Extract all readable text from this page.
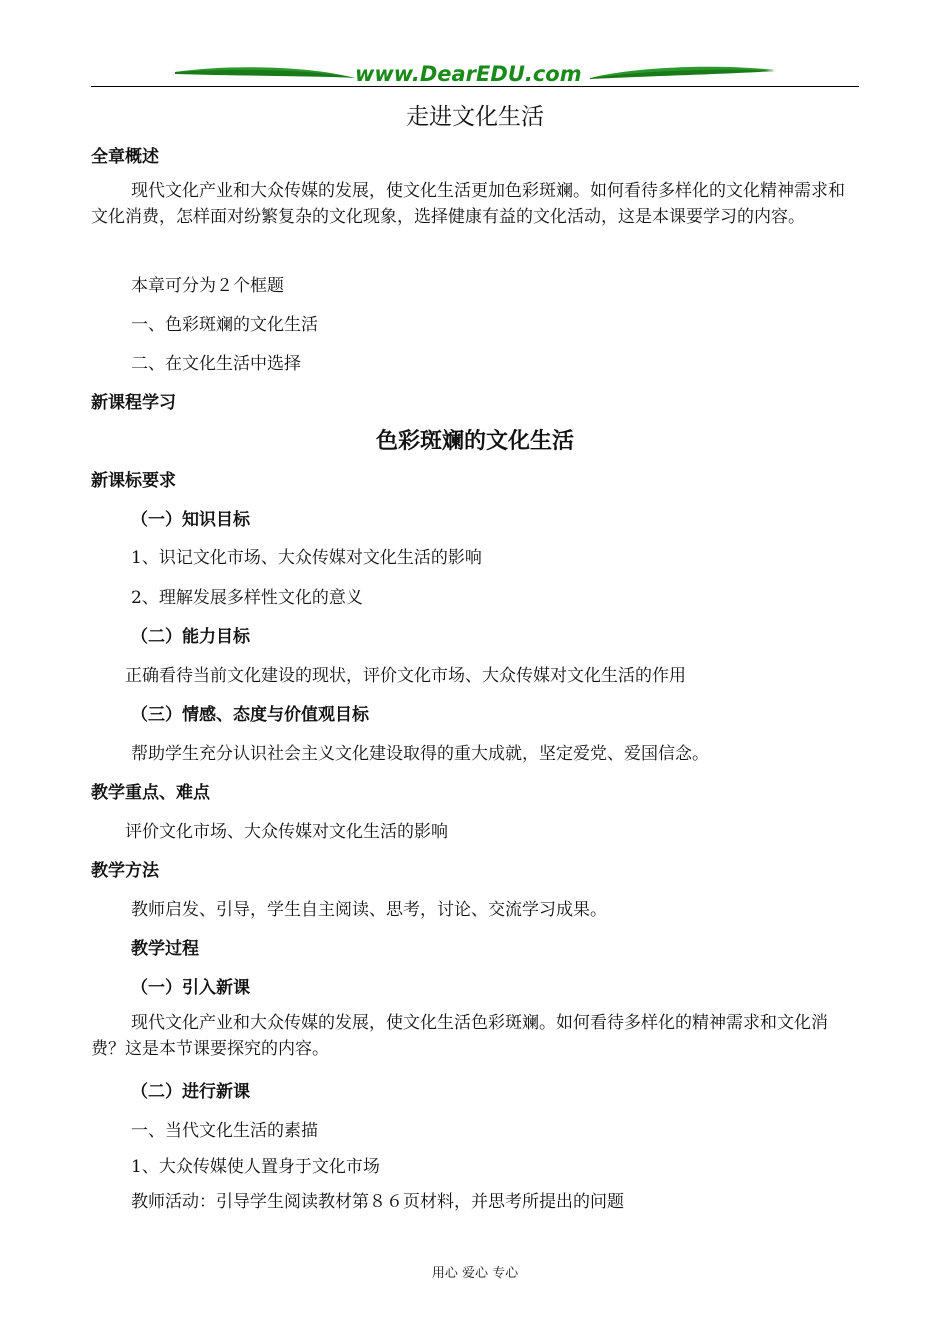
www.DearEDU.com
走进文化生活
全章概述
现代文化产业和大众传媒的发展，使文化生活更加色彩斑斓。如何看待多样化的文化精神需求和文化消费，怎样面对纷繁复杂的文化现象，选择健康有益的文化活动，这是本课要学习的内容。
本章可分为２个框题
一、色彩斑斓的文化生活
二、在文化生活中选择
新课程学习
色彩斑斓的文化生活
新课标要求
（一）知识目标
1、识记文化市场、大众传媒对文化生活的影响
2、理解发展多样性文化的意义
（二）能力目标
正确看待当前文化建设的现状，评价文化市场、大众传媒对文化生活的作用
（三）情感、态度与价值观目标
帮助学生充分认识社会主义文化建设取得的重大成就，坚定爱党、爱国信念。
教学重点、难点
评价文化市场、大众传媒对文化生活的影响
教学方法
教师启发、引导，学生自主阅读、思考，讨论、交流学习成果。
教学过程
（一）引入新课
现代文化产业和大众传媒的发展，使文化生活色彩斑斓。如何看待多样化的精神需求和文化消费？这是本节课要探究的内容。
（二）进行新课
一、当代文化生活的素描
1、大众传媒使人置身于文化市场
教师活动：引导学生阅读教材第８６页材料，并思考所提出的问题
用心 爱心 专心
